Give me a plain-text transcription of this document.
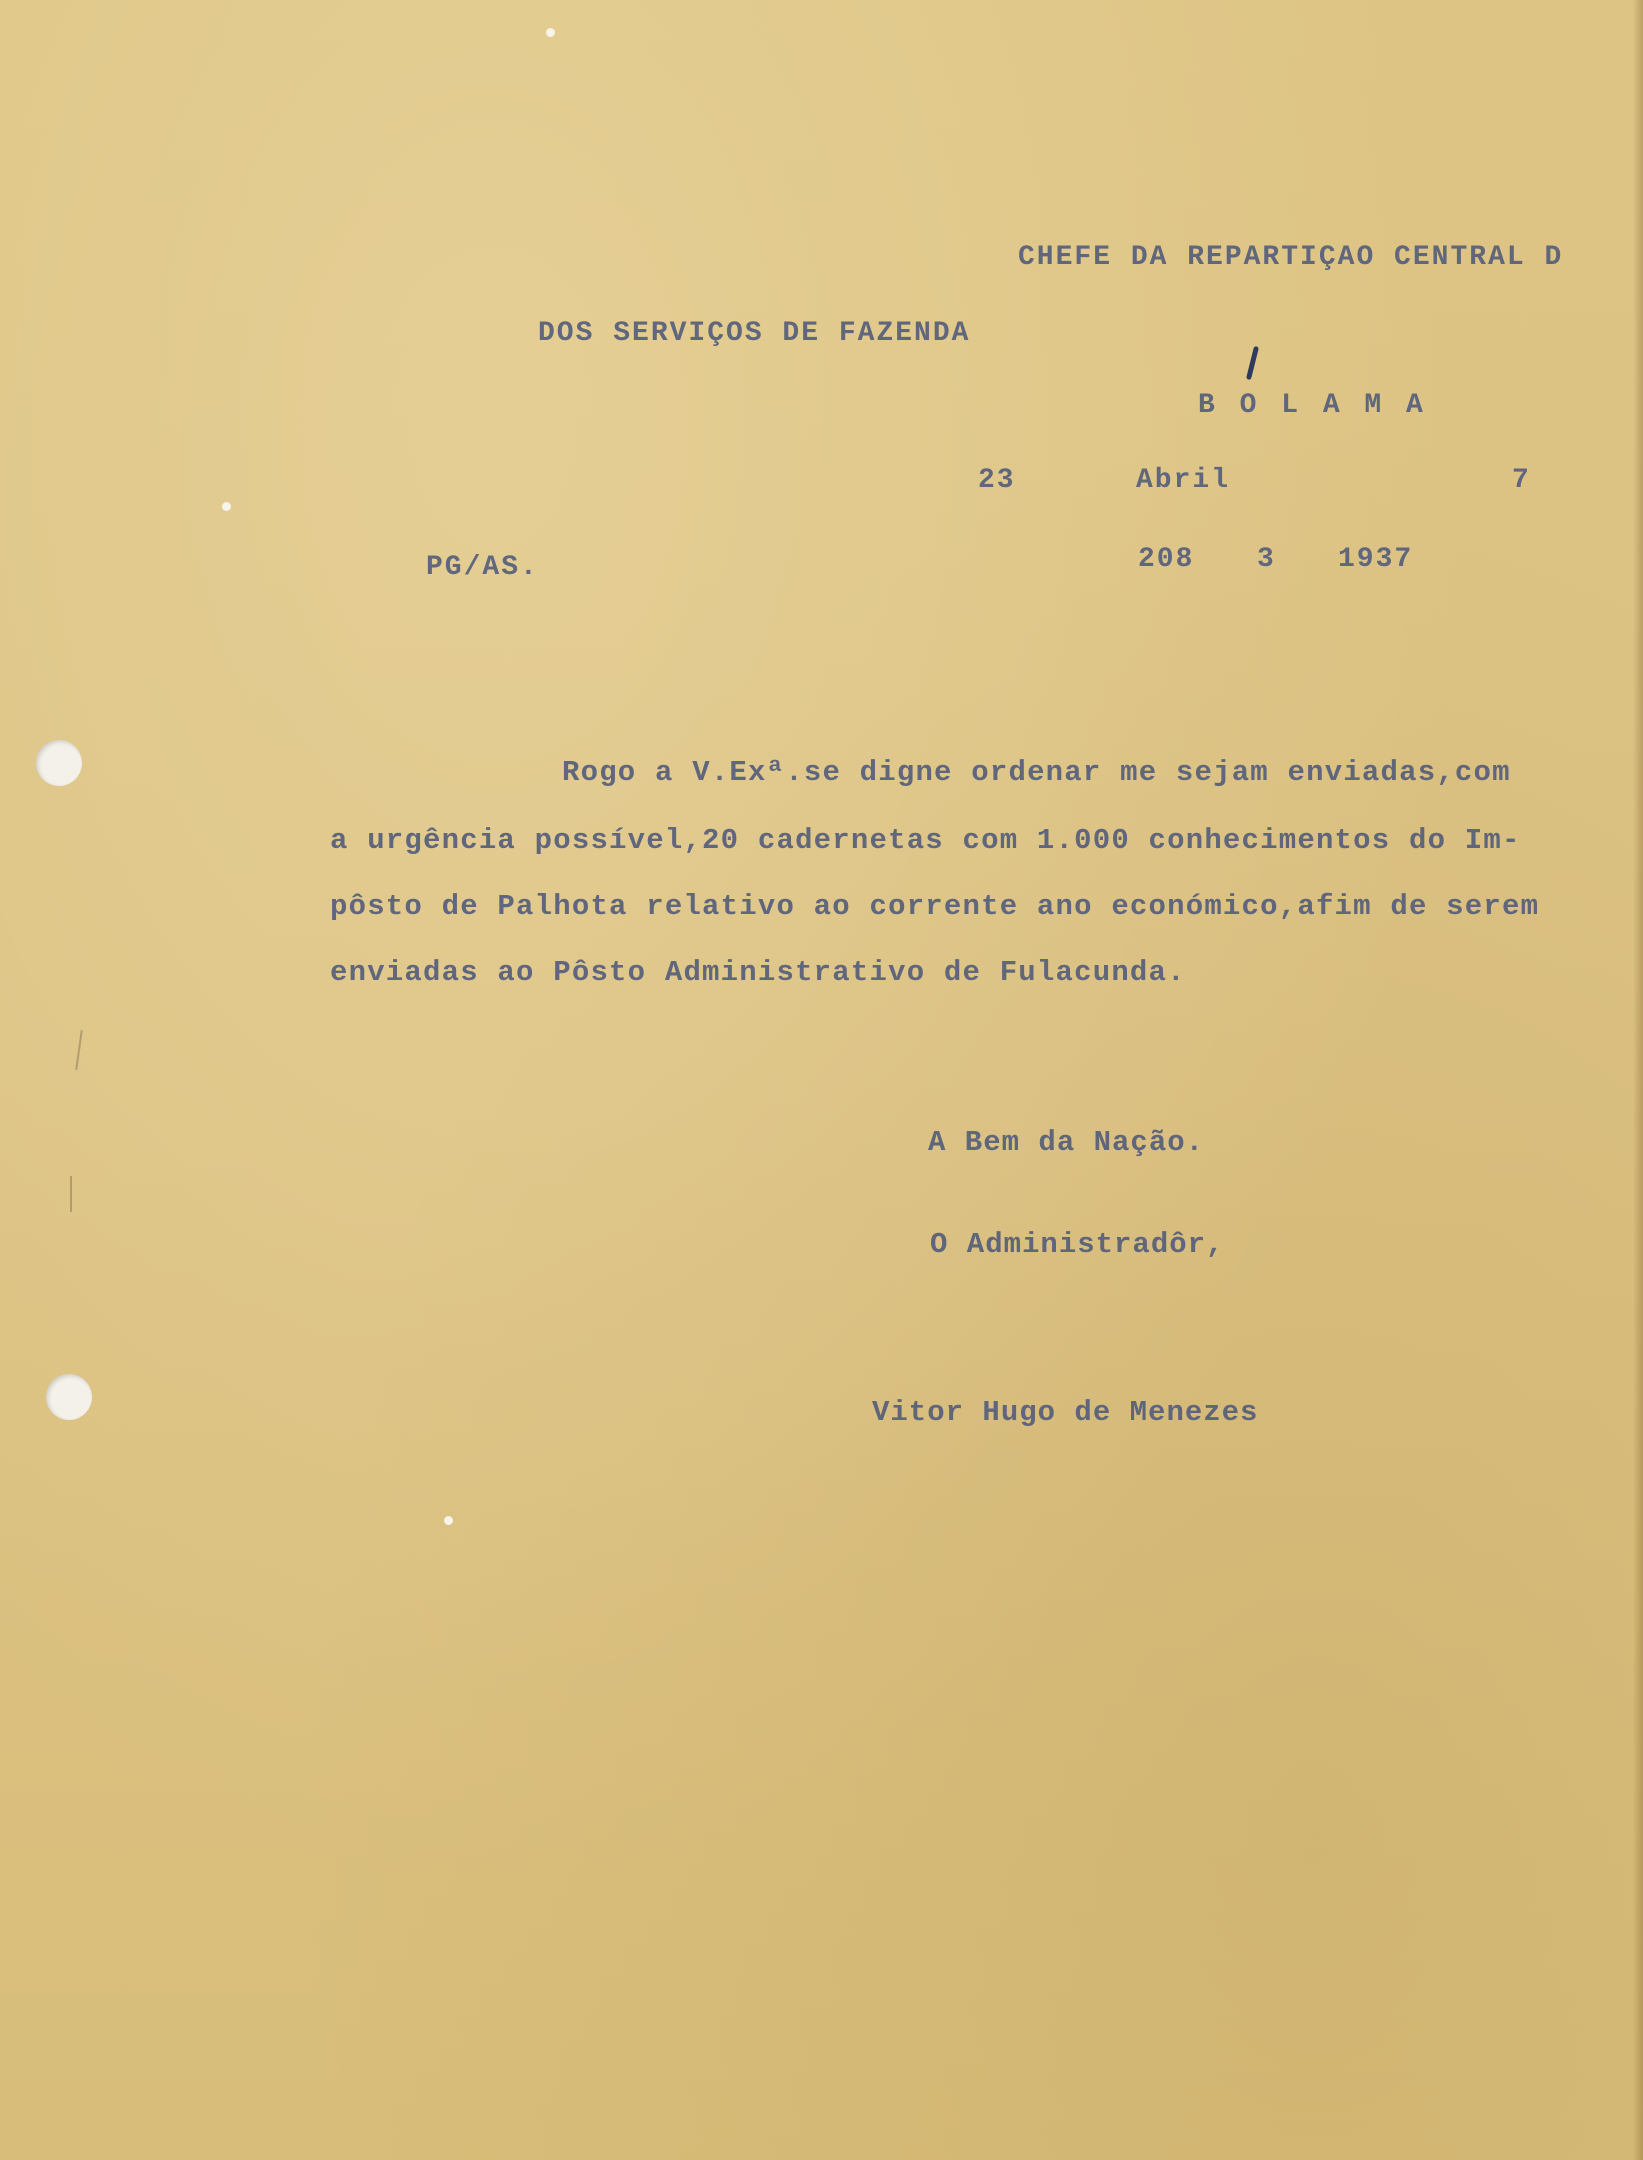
CHEFE DA REPARTIÇAO CENTRAL D
DOS SERVIÇOS DE FAZENDA
B O L A M A
23	Abril	7
PG/AS.	208 3 1937
Rogo a V.Exª.se digne ordenar me sejam enviadas,com
a urgência possível,20 cadernetas com 1.000 conhecimentos do Im-
pôsto de Palhota relativo ao corrente ano económico,afim de serem
enviadas ao Pôsto Administrativo de Fulacunda.
A Bem da Nação.
O Administradôr,
Vitor Hugo de Menezes
